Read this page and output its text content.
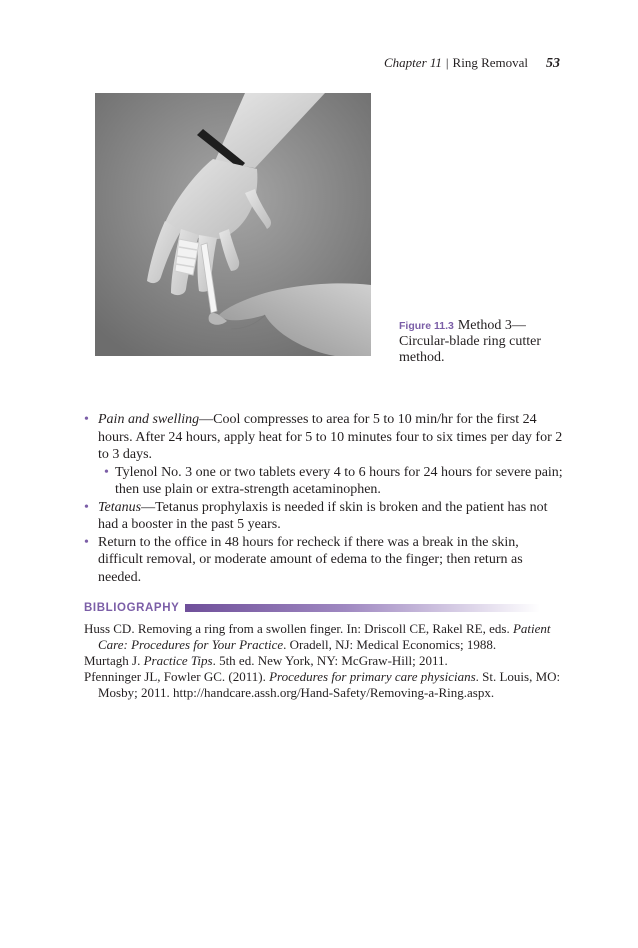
Chapter 11 | Ring Removal 53
Figure 11.3 Method 3—Circular-blade ring cutter method.

• Pain and swelling—Cool compresses to area for 5 to 10 min/hr for the first 24 hours. After 24 hours, apply heat for 5 to 10 minutes four to six times per day for 2 to 3 days.

• Tylenol No. 3 one or two tablets every 4 to 6 hours for 24 hours for severe pain; then use plain or extra-strength acetaminophen.

• Tetanus—Tetanus prophylaxis is needed if skin is broken and the patient has not had a booster in the past 5 years.

• Return to the office in 48 hours for recheck if there was a break in the skin, difficult removal, or moderate amount of edema to the finger; then return as needed.

BIBLIOGRAPHY

Huss CD. Removing a ring from a swollen finger. In: Driscoll CE, Rakel RE, eds. Patient Care: Procedures for Your Practice. Oradell, NJ: Medical Economics; 1988.

Murtagh J. Practice Tips. 5th ed. New York, NY: McGraw-Hill; 2011.

Pfenninger JL, Fowler GC. (2011). Procedures for primary care physicians. St. Louis, MO: Mosby; 2011. http://handcare.assh.org/Hand-Safety/Removing-a-Ring.aspx.
